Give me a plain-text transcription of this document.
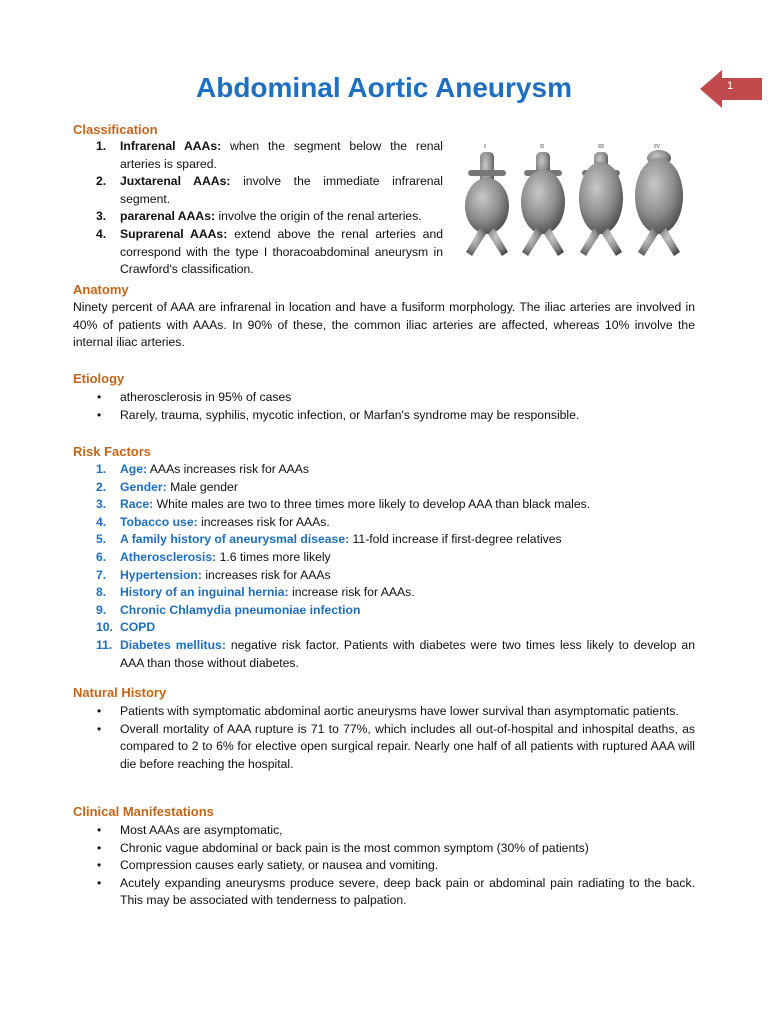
Abdominal Aortic Aneurysm	1
Classification
1. Infrarenal AAAs: when the segment below the renal arteries is spared.
2. Juxtarenal AAAs: involve the immediate infrarenal segment.
3. pararenal AAAs: involve the origin of the renal arteries.
4. Suprarenal AAAs: extend above the renal arteries and correspond with the type I thoracoabdominal aneurysm in Crawford's classification.
I	II	III	IV
Anatomy
Ninety percent of AAA are infrarenal in location and have a fusiform morphology. The iliac arteries are involved in 40% of patients with AAAs. In 90% of these, the common iliac arteries are affected, whereas 10% involve the internal iliac arteries.
Etiology
• atherosclerosis in 95% of cases
• Rarely, trauma, syphilis, mycotic infection, or Marfan's syndrome may be responsible.
Risk Factors
1. Age: AAAs increases risk for AAAs
2. Gender: Male gender
3. Race: White males are two to three times more likely to develop AAA than black males.
4. Tobacco use: increases risk for AAAs.
5. A family history of aneurysmal disease: 11-fold increase if first-degree relatives
6. Atherosclerosis: 1.6 times more likely
7. Hypertension: increases risk for AAAs
8. History of an inguinal hernia: increase risk for AAAs.
9. Chronic Chlamydia pneumoniae infection
10. COPD
11. Diabetes mellitus: negative risk factor. Patients with diabetes were two times less likely to develop an AAA than those without diabetes.
Natural History
• Patients with symptomatic abdominal aortic aneurysms have lower survival than asymptomatic patients.
• Overall mortality of AAA rupture is 71 to 77%, which includes all out-of-hospital and inhospital deaths, as compared to 2 to 6% for elective open surgical repair. Nearly one half of all patients with ruptured AAA will die before reaching the hospital.
Clinical Manifestations
• Most AAAs are asymptomatic,
• Chronic vague abdominal or back pain is the most common symptom (30% of patients)
• Compression causes early satiety, or nausea and vomiting.
• Acutely expanding aneurysms produce severe, deep back pain or abdominal pain radiating to the back. This may be associated with tenderness to palpation.
